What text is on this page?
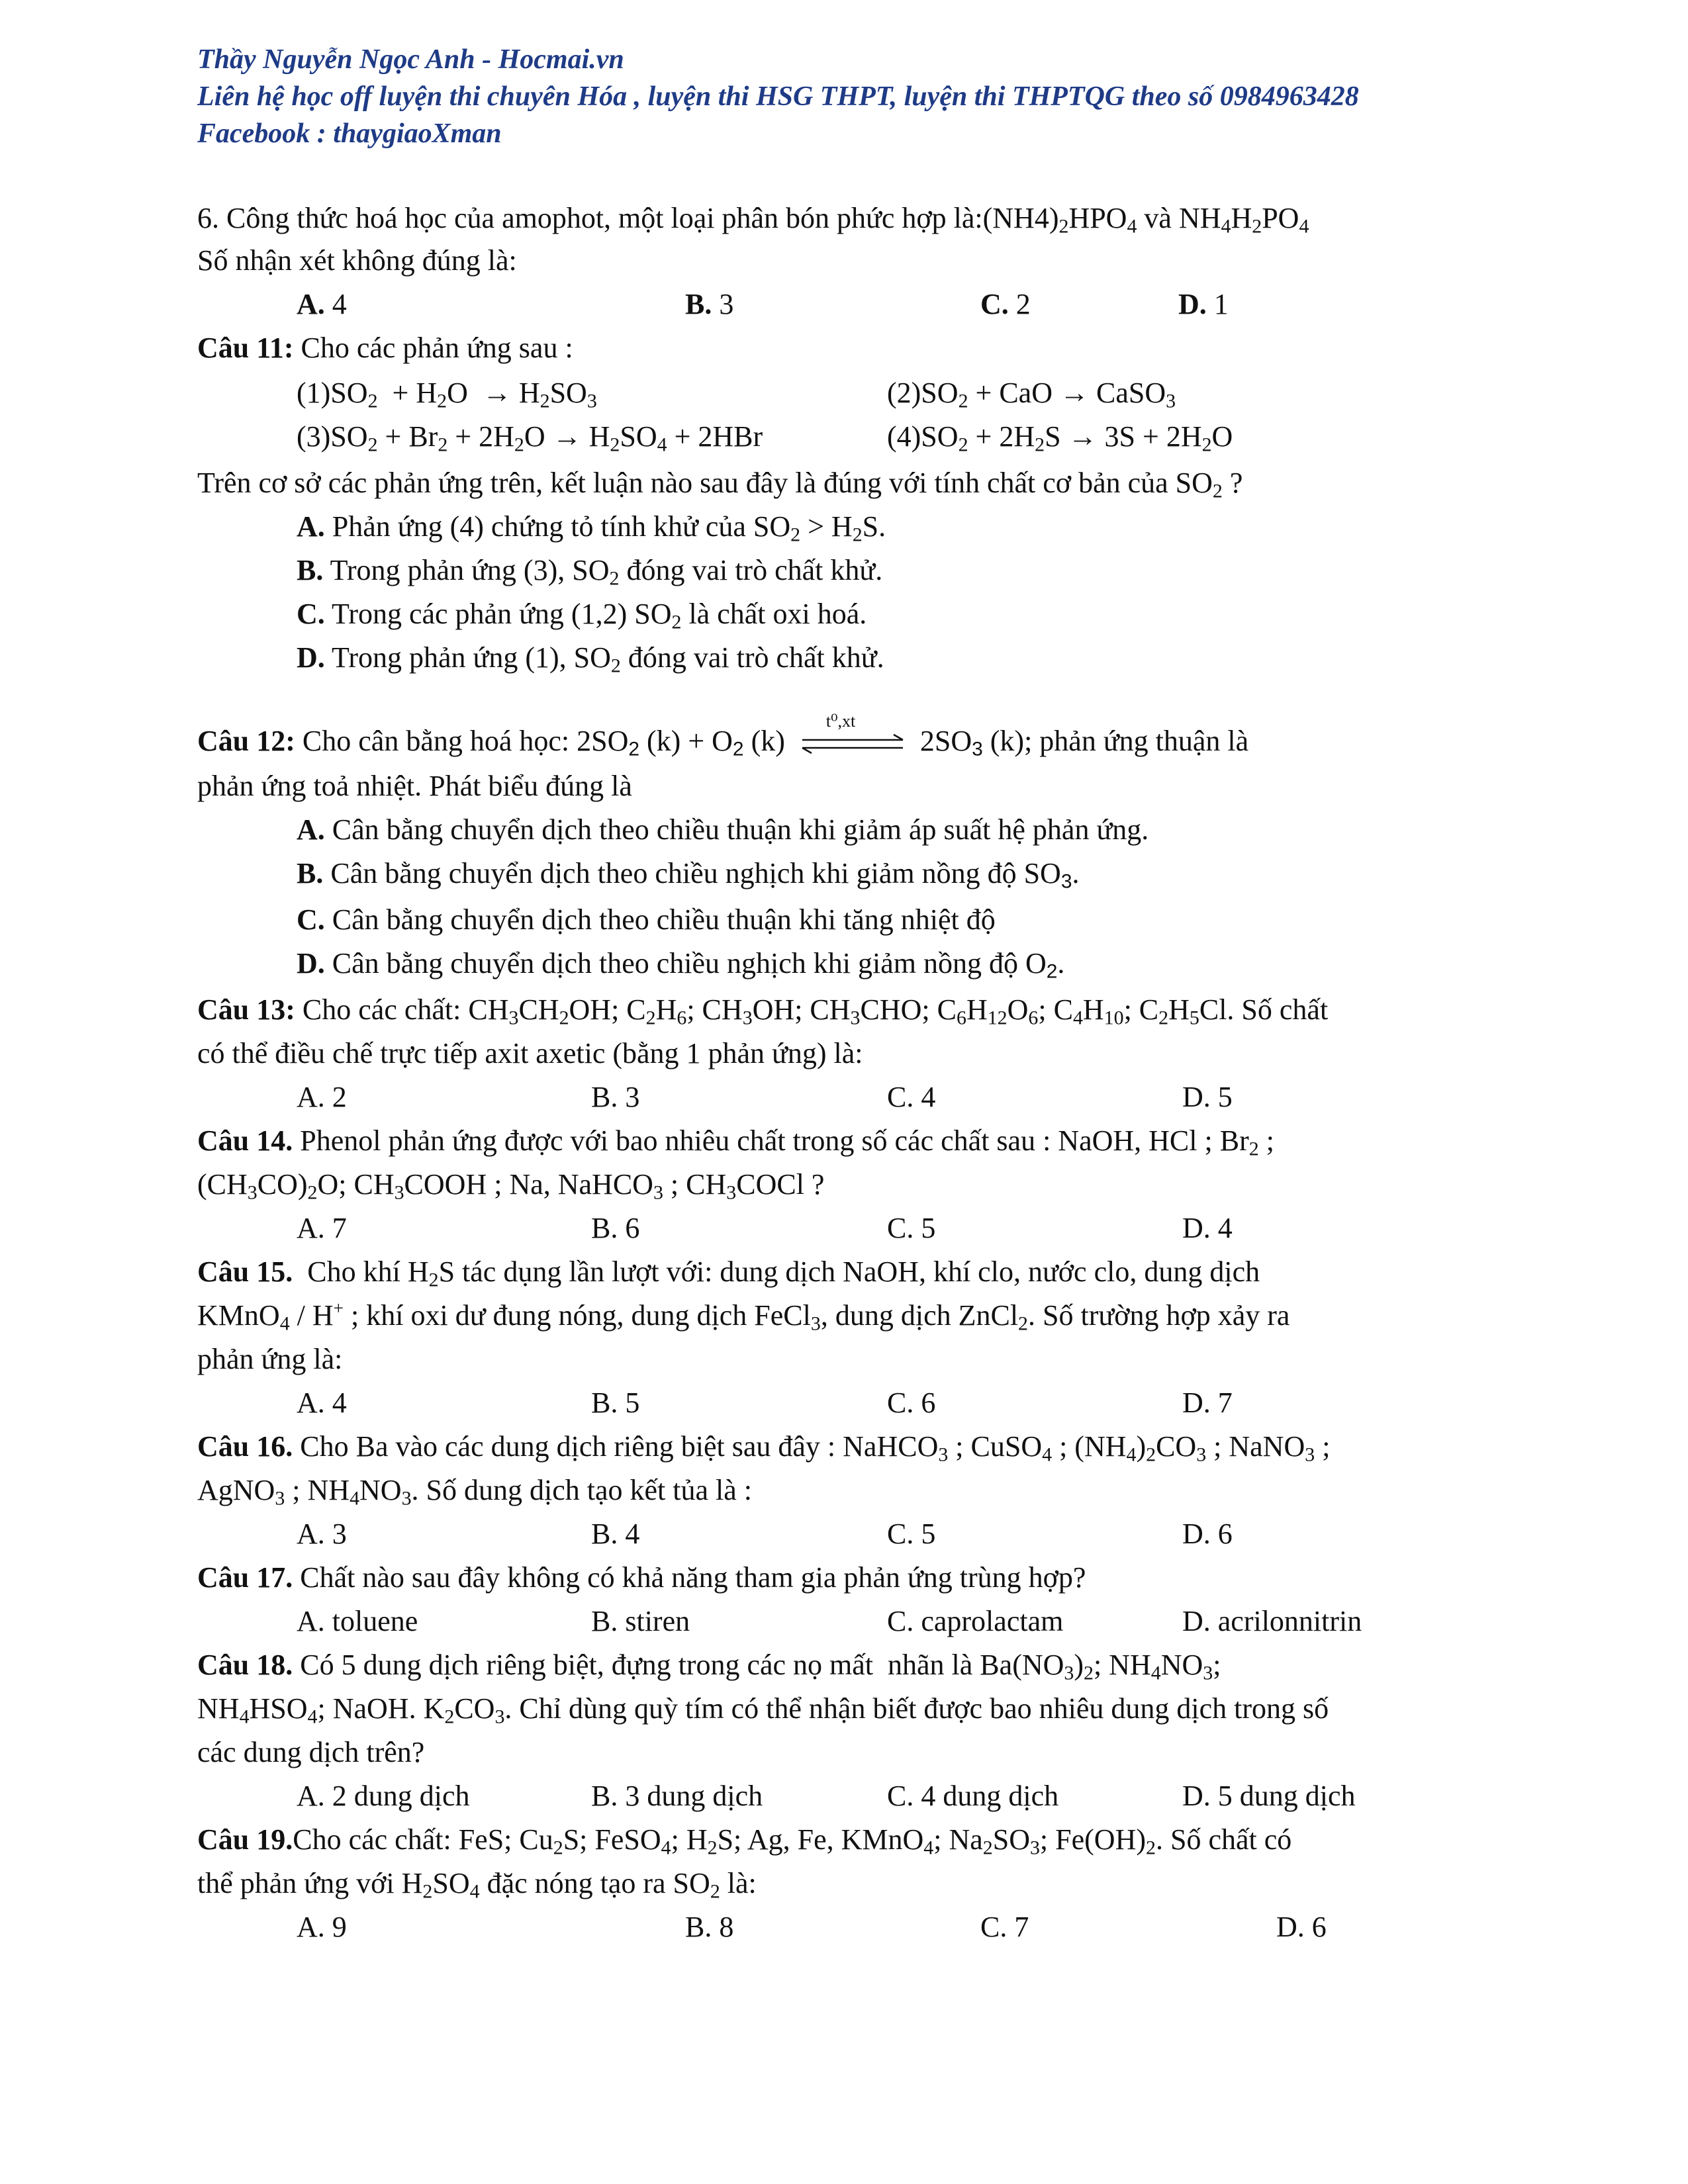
Thầy Nguyễn Ngọc Anh - Hocmai.vn
Liên hệ học off luyện thi chuyên Hóa , luyện thi HSG THPT, luyện thi THPTQG theo số 0984963428
Facebook : thaygiaoXman
6. Công thức hoá học của amophot, một loại phân bón phức hợp $là:(NH4)_2HPO_4$ và $NH_4H_2PO_4$
Số nhận xét không đúng là:
A. 4	B. 3	C. 2	D. 1
Câu 11: Cho các phản ứng sau :
$(1)SO_2 + H_2O \to H_2SO_3$	$(2)SO_2$ + CaO → CaSO$_3$
$(3)SO_2 + Br_2 + 2H_2O \to H_2SO_4 + 2HBr$	$(4)SO_2 + 2H_2S \to 3S + 2H_2O$
Trên cơ sở các phản ứng trên, kết luận nào sau đây là đúng với tính chất cơ bản của $SO_2$ ?
A. Phản ứng (4) chứng tỏ tính khử của $SO_2 > H_2S$.
B. Trong phản ứng (3), $SO_2$ đóng vai trò chất khử.
C. Trong các phản ứng (1,2) $SO_2$ là chất oxi hoá.
D. Trong phản ứng (1), $SO_2$ đóng vai trò chất khử.
Câu 12: Cho cân bằng hoá học: $2SO_2$ $(k) + O_2$ (k)
t⁰,xt
$2SO_3$ (k); phản ứng thuận là
phản ứng toả nhiệt. Phát biểu đúng là
A. Cân bằng chuyển dịch theo chiều thuận khi giảm áp suất hệ phản ứng.
B. Cân bằng chuyển dịch theo chiều nghịch khi giảm nồng độ $SO_3$.
C. Cân bằng chuyển dịch theo chiều thuận khi tăng nhiệt độ
D. Cân bằng chuyển dịch theo chiều nghịch khi giảm nồng độ $O_2$.
Câu 13: Cho các chất: $CH_3CH_2OH$; $C_2H_6$; $CH_3OH$; $CH_3CHO$; $C_6H_{12}O_6$; $C_4H_{10}$; $C_2H_5Cl$. Số chất
có thể điều chế trực tiếp axit axetic (bằng 1 phản ứng) là:
A. 2	B. 3	C. 4	D. 5
Câu 14. Phenol phản ứng được với bao nhiêu chất trong số các chất sau : NaOH, HCl ; $Br_2$ ;
$(CH_3CO)_2O$; $CH_3COOH$ ; Na, NaHCO$_3$ ; $CH_3COCl$ ?
A. 7	B. 6	C. 5	D. 4
Câu 15.  Cho khí $H_2S$ tác dụng lần lượt với: dung dịch NaOH, khí clo, nước clo, dung dịch
KMnO$_4$ / H+ ; khí oxi dư đung nóng, dung dịch FeCl$_3$, dung dịch ZnCl$_2$. Số trường hợp xảy ra
phản ứng là:
A. 4	B. 5	C. 6	D. 7
Câu 16. Cho Ba vào các dung dịch riêng biệt sau đây : NaHCO$_3$ ; CuSO$_4$ ; $(NH_4)_2CO_3$ ; NaNO$_3$ ;
AgNO$_3$ ; $NH_4NO_3$. Số dung dịch tạo kết tủa là :
A. 3	B. 4	C. 5	D. 6
Câu 17. Chất nào sau đây không có khả năng tham gia phản ứng trùng hợp?
A. toluene	B. stiren	C. caprolactam	D. acrilonnitrin
Câu 18. Có 5 dung dịch riêng biệt, đựng trong các nọ mất  nhãn là $Ba(NO_3)_2$; $NH_4NO_3$;
$NH_4HSO_4$; NaOH. $K_2CO_3$. Chỉ dùng quỳ tím có thể nhận biết được bao nhiêu dung dịch trong số
các dung dịch trên?
A. 2 dung dịch	B. 3 dung dịch	C. 4 dung dịch	D. 5 dung dịch
Câu 19.Cho các chất: FeS; $Cu_2S$; FeSO$_4$; $H_2S$; Ag, Fe, KMnO$_4$; $Na_2SO_3$; $Fe(OH)_2$. Số chất có
thể phản ứng với $H_2SO_4$ đặc nóng tạo ra $SO_2$ là:
A. 9	B. 8	C. 7	D. 6
